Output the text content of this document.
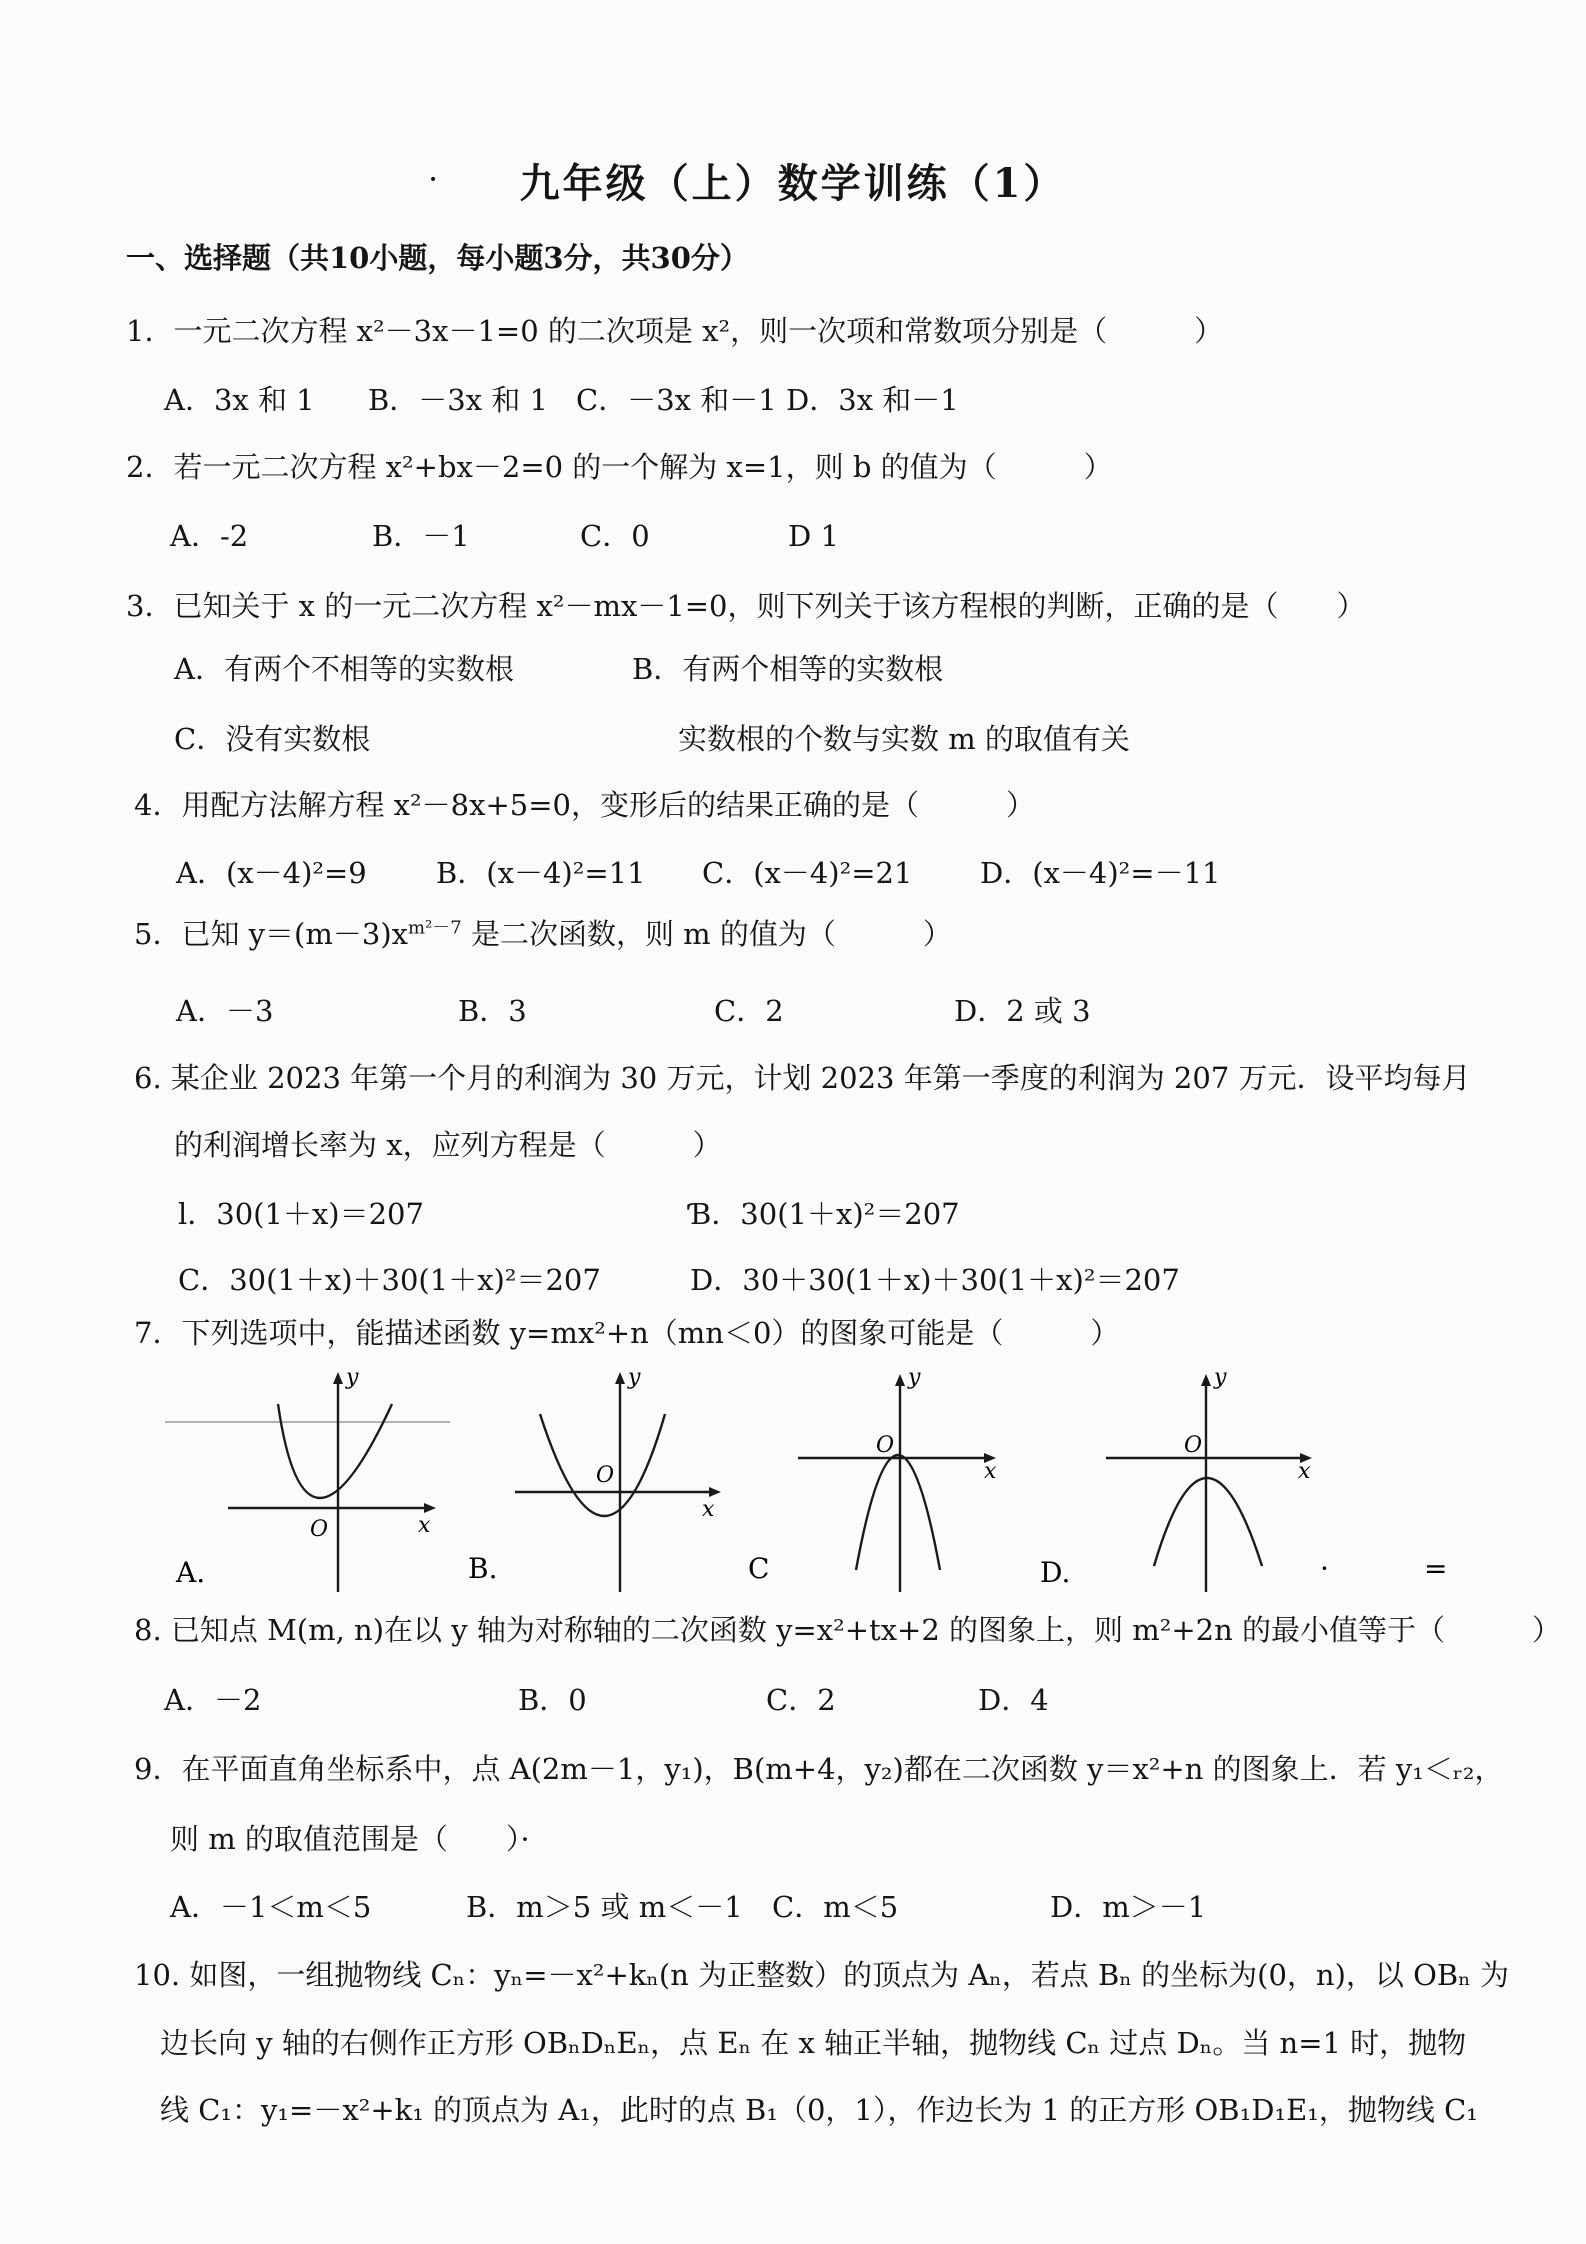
·	九年级（上）数学训练（1）
一、选择题（共10小题，每小题3分，共30分）
1．一元二次方程 x²－3x－1=0 的二次项是 x²，则一次项和常数项分别是（　　　）
A．3x 和 1 B．－3x 和 1 C．－3x 和－1 D．3x 和－1
2．若一元二次方程 x²+bx－2=0 的一个解为 x=1，则 b 的值为（　　　）
A．-2	B．－1	C．0	D 1
3．已知关于 x 的一元二次方程 x²－mx－1=0，则下列关于该方程根的判断，正确的是（　　）
A．有两个不相等的实数根	B．有两个相等的实数根
C．没有实数根	实数根的个数与实数 m 的取值有关
4．用配方法解方程 x²－8x+5=0，变形后的结果正确的是（　　　）
A．(x－4)²=9 B．(x－4)²=11 C．(x－4)²=21 D．(x－4)²=－11
5．已知 $y=(m-3)x^{m^2-7}$ 是二次函数，则 m 的值为（　　　）
A．－3	B．3	C．2	D．2 或 3
6. 某企业 2023 年第一个月的利润为 30 万元，计划 2023 年第一季度的利润为 207 万元．设平均每月
的利润增长率为 x，应列方程是（　　　）
l．30(1＋x)＝207	Ɓ．30(1＋x)²＝207
C．30(1＋x)＋30(1＋x)²＝207	D．30＋30(1＋x)＋30(1＋x)²＝207
7．下列选项中，能描述函数 y=mx²+n（mn＜0）的图象可能是（　　　）
y
x
O
y
x
O
y
x
O
y
x
O
A.	B.	C	D.	·	=
8. 已知点 M(m, n)在以 y 轴为对称轴的二次函数 y=x²+tx+2 的图象上，则 m²+2n 的最小值等于（　　　）
A．－2	B．0	C．2	D．4
9．在平面直角坐标系中，点 A(2m－1，y₁)，B(m+4，y₂)都在二次函数 y＝x²+n 的图象上．若 y₁＜ᵣ₂，
则 m 的取值范围是（　　）·
A．－1＜m＜5	B．m＞5 或 m＜－1 C．m＜5	D．m＞－1
10. 如图，一组抛物线 Cₙ：yₙ=－x²+kₙ(n 为正整数）的顶点为 Aₙ，若点 Bₙ 的坐标为(0，n)，以 OBₙ 为
边长向 y 轴的右侧作正方形 OBₙDₙEₙ，点 Eₙ 在 x 轴正半轴，抛物线 Cₙ 过点 Dₙ。当 n=1 时，抛物
线 C₁：y₁=－x²+k₁ 的顶点为 A₁，此时的点 B₁（0，1），作边长为 1 的正方形 OB₁D₁E₁，抛物线 C₁
